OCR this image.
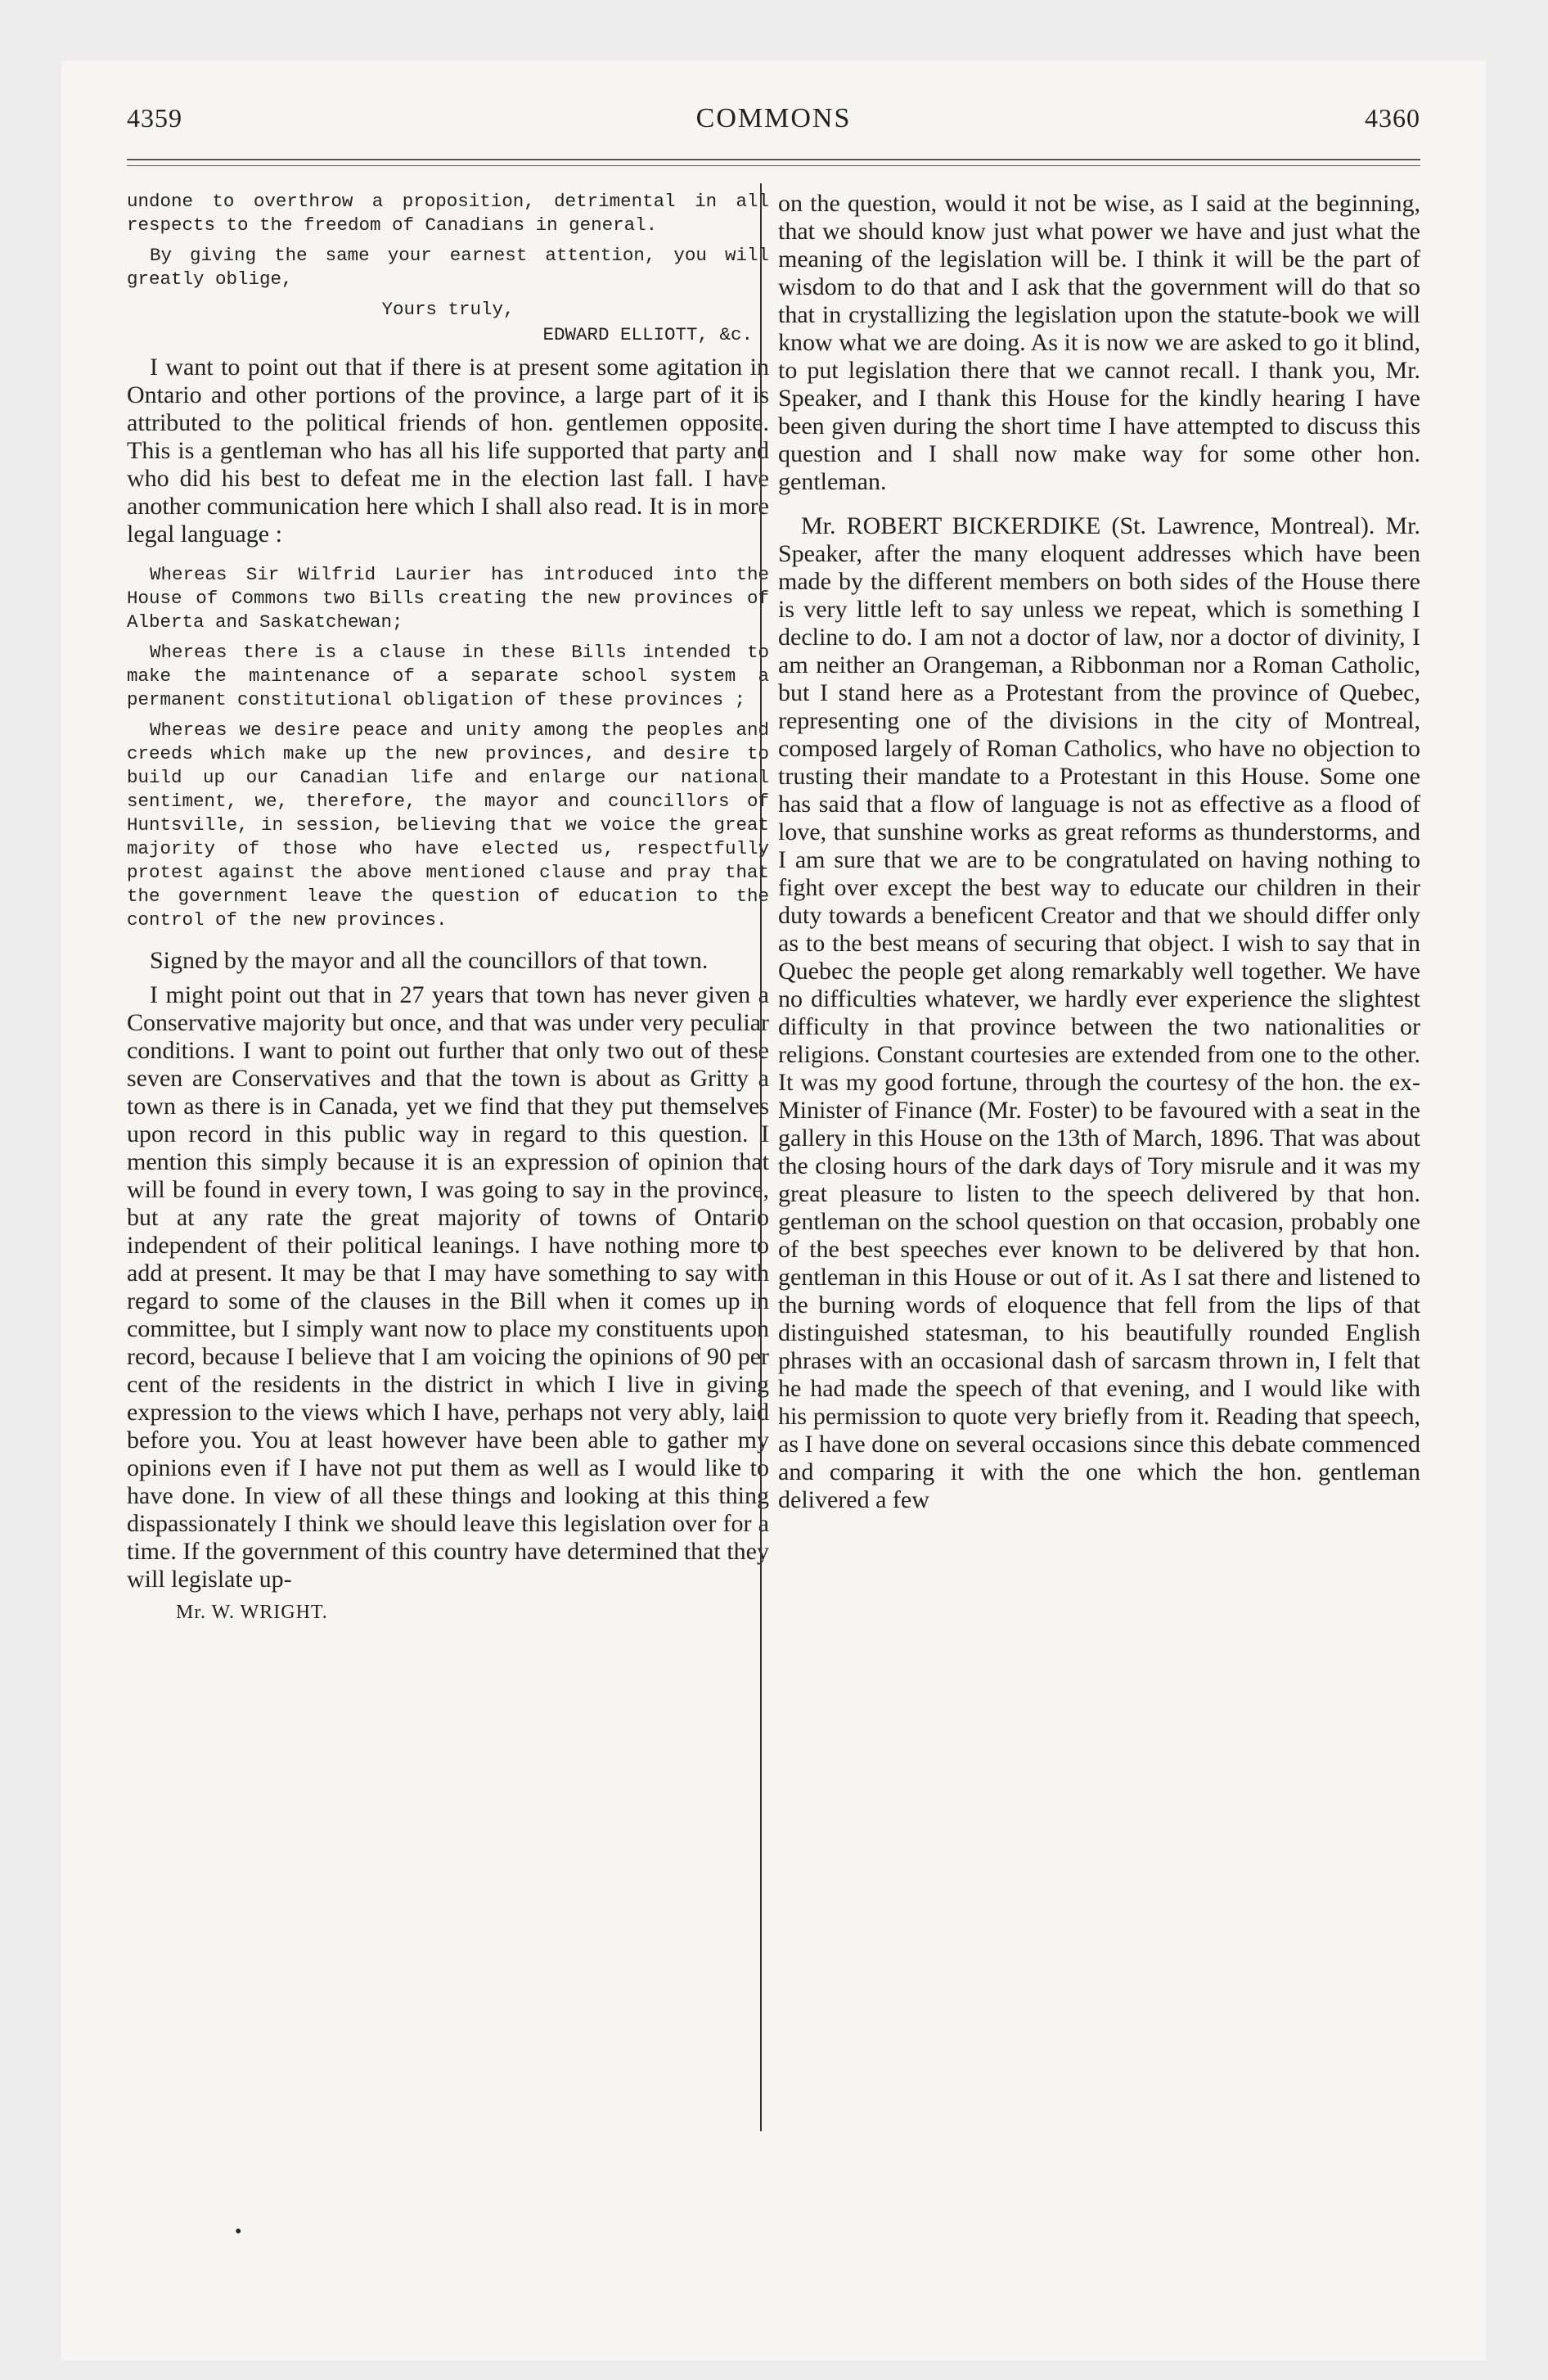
4359	COMMONS	4360

undone to overthrow a proposition, detrimental in all respects to the freedom of Canadians in general.

By giving the same your earnest attention, you will greatly oblige,

Yours truly,

EDWARD ELLIOTT, &c.

I want to point out that if there is at present some agitation in Ontario and other portions of the province, a large part of it is attributed to the political friends of hon. gentlemen opposite. This is a gentleman who has all his life supported that party and who did his best to defeat me in the election last fall. I have another communication here which I shall also read. It is in more legal language :

Whereas Sir Wilfrid Laurier has introduced into the House of Commons two Bills creating the new provinces of Alberta and Saskatchewan;

Whereas there is a clause in these Bills intended to make the maintenance of a separate school system a permanent constitutional obligation of these provinces ;

Whereas we desire peace and unity among the peoples and creeds which make up the new provinces, and desire to build up our Canadian life and enlarge our national sentiment, we, therefore, the mayor and councillors of Huntsville, in session, believing that we voice the great majority of those who have elected us, respectfully protest against the above mentioned clause and pray that the government leave the question of education to the control of the new provinces.

Signed by the mayor and all the councillors of that town.

I might point out that in 27 years that town has never given a Conservative majority but once, and that was under very peculiar conditions. I want to point out further that only two out of these seven are Conservatives and that the town is about as Gritty a town as there is in Canada, yet we find that they put themselves upon record in this public way in regard to this question. I mention this simply because it is an expression of opinion that will be found in every town, I was going to say in the province, but at any rate the great majority of towns of Ontario independent of their political leanings. I have nothing more to add at present. It may be that I may have something to say with regard to some of the clauses in the Bill when it comes up in committee, but I simply want now to place my constituents upon record, because I believe that I am voicing the opinions of 90 per cent of the residents in the district in which I live in giving expression to the views which I have, perhaps not very ably, laid before you. You at least however have been able to gather my opinions even if I have not put them as well as I would like to have done. In view of all these things and looking at this thing dispassionately I think we should leave this legislation over for a time. If the government of this country have determined that they will legislate up-

Mr. W. WRIGHT.

on the question, would it not be wise, as I said at the beginning, that we should know just what power we have and just what the meaning of the legislation will be. I think it will be the part of wisdom to do that and I ask that the government will do that so that in crystallizing the legislation upon the statute-book we will know what we are doing. As it is now we are asked to go it blind, to put legislation there that we cannot recall. I thank you, Mr. Speaker, and I thank this House for the kindly hearing I have been given during the short time I have attempted to discuss this question and I shall now make way for some other hon. gentleman.

Mr. ROBERT BICKERDIKE (St. Lawrence, Montreal). Mr. Speaker, after the many eloquent addresses which have been made by the different members on both sides of the House there is very little left to say unless we repeat, which is something I decline to do. I am not a doctor of law, nor a doctor of divinity, I am neither an Orangeman, a Ribbonman nor a Roman Catholic, but I stand here as a Protestant from the province of Quebec, representing one of the divisions in the city of Montreal, composed largely of Roman Catholics, who have no objection to trusting their mandate to a Protestant in this House. Some one has said that a flow of language is not as effective as a flood of love, that sunshine works as great reforms as thunderstorms, and I am sure that we are to be congratulated on having nothing to fight over except the best way to educate our children in their duty towards a beneficent Creator and that we should differ only as to the best means of securing that object. I wish to say that in Quebec the people get along remarkably well together. We have no difficulties whatever, we hardly ever experience the slightest difficulty in that province between the two nationalities or religions. Constant courtesies are extended from one to the other. It was my good fortune, through the courtesy of the hon. the ex-Minister of Finance (Mr. Foster) to be favoured with a seat in the gallery in this House on the 13th of March, 1896. That was about the closing hours of the dark days of Tory misrule and it was my great pleasure to listen to the speech delivered by that hon. gentleman on the school question on that occasion, probably one of the best speeches ever known to be delivered by that hon. gentleman in this House or out of it. As I sat there and listened to the burning words of eloquence that fell from the lips of that distinguished statesman, to his beautifully rounded English phrases with an occasional dash of sarcasm thrown in, I felt that he had made the speech of that evening, and I would like with his permission to quote very briefly from it. Reading that speech, as I have done on several occasions since this debate commenced and comparing it with the one which the hon. gentleman delivered a few

•
